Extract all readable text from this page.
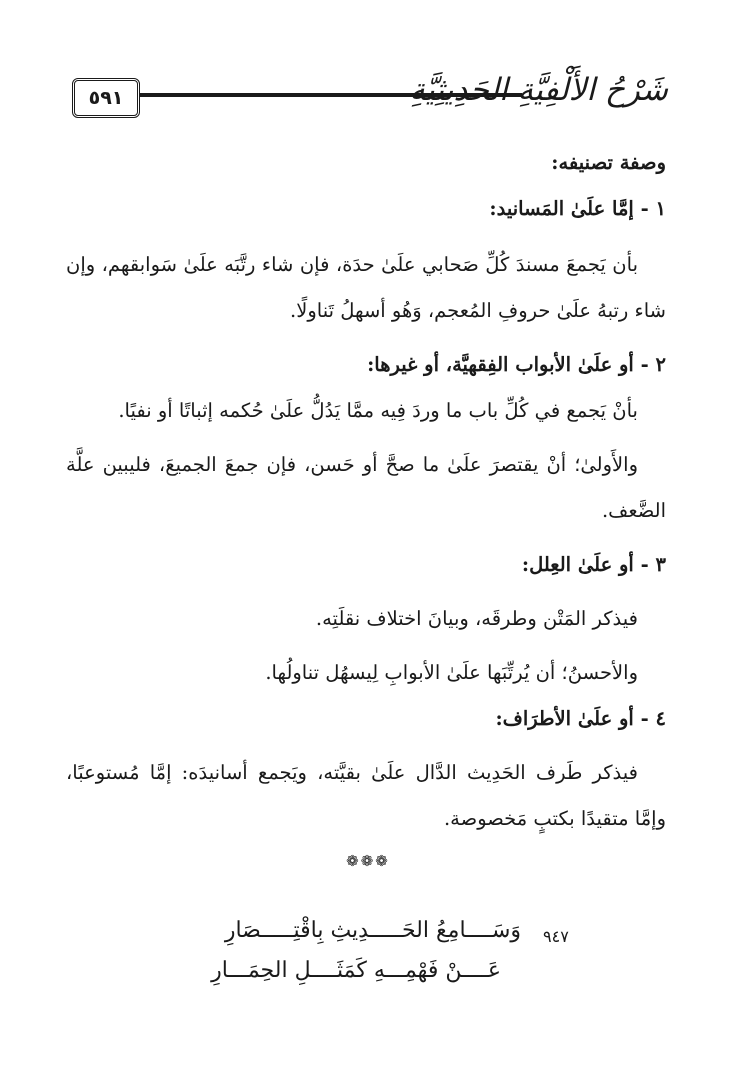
٥٩١	شَرْحُ الأَلْفِيَّةِ الحَدِيثِيَّةِ

وصفة تصنيفه:

١ - إمَّا علَىٰ المَسانيد:

بأن يَجمعَ مسندَ كُلِّ صَحابي علَىٰ حدَة، فإن شاء رتَّبَه علَىٰ سَوابقهم، وإن شاء رتبهُ علَىٰ حروفِ المُعجم، وَهُو أسهلُ تَناولًا.

٢ - أو علَىٰ الأبواب الفِقهيَّة، أو غيرها:

بأنْ يَجمع في كُلِّ باب ما وردَ فِيه ممَّا يَدُلُّ علَىٰ حُكمه إثباتًا أو نفيًا.

والأَولىٰ؛ أنْ يقتصرَ علَىٰ ما صحَّ أو حَسن، فإن جمعَ الجميعَ، فليبين علَّة الضَّعف.

٣ - أو علَىٰ العِلل:

فيذكر المَتْن وطرقَه، وبيانَ اختلاف نقلَتِه.

والأحسنُ؛ أن يُرتِّبَها علَىٰ الأبوابِ لِيسهُل تناولُها.

٤ - أو علَىٰ الأطرَاف:

فيذكر طَرف الحَدِيث الدَّال علَىٰ بقيَّته، ويَجمع أسانيدَه: إمَّا مُستوعبًا، وإمَّا متقيدًا بكتبٍ مَخصوصة.

❁❁❁
٩٤٧
وَسَــــامِعُ الحَـــــدِيثِ بِاقْتِـــــصَارِ
عَــــنْ فَهْمِـــهِ كَمَثَــــلِ الحِمَـــارِ
